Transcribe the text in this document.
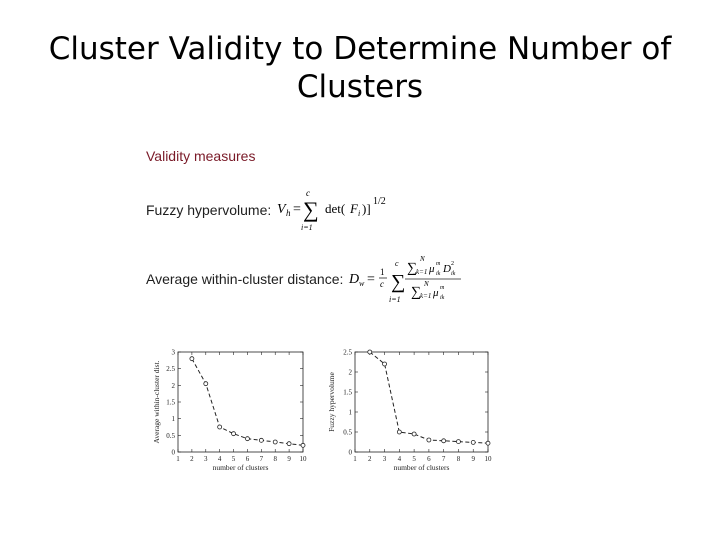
Cluster Validity to Determine Number of
Clusters
Validity measures
Fuzzy hypervolume: V h =
c
∑
i=1
det( F i )] 1/2
Average within-cluster distance: D w = 1
c
c
∑
i=1
∑ k=1
N
μ m
ik D 2
ik
∑ k=1
N
μ m
ik
1 2 3 4 5 6 7 8 9 10
0
0.5
1
1.5
2
2.5
3
number of clusters
Average within-cluster dist.
1 2 3 4 5 6 7 8 9 10
0
0.5
1
1.5
2
2.5
number of clusters
Fuzzy hypervolume
